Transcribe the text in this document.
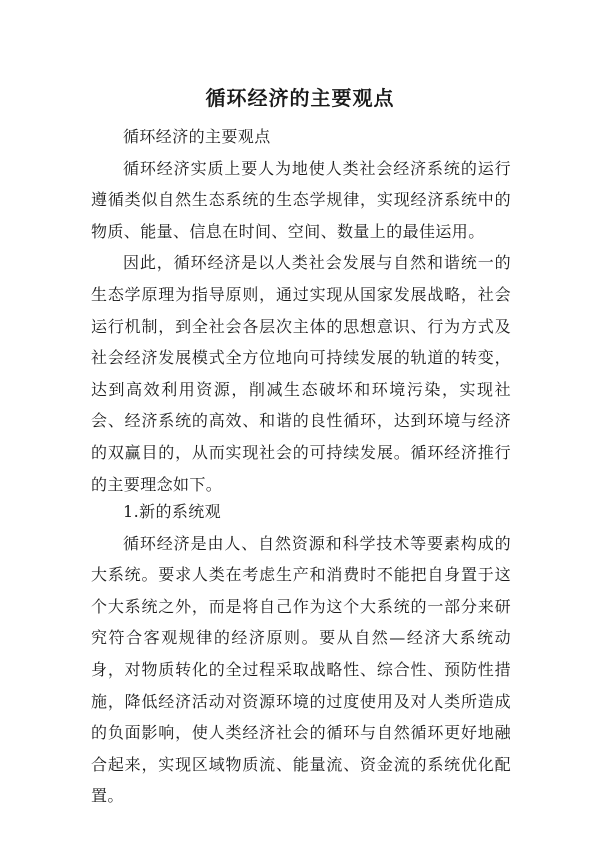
循环经济的主要观点

循环经济的主要观点

循环经济实质上要人为地使人类社会经济系统的运行遵循类似自然生态系统的生态学规律，实现经济系统中的物质、能量、信息在时间、空间、数量上的最佳运用。

因此，循环经济是以人类社会发展与自然和谐统一的生态学原理为指导原则，通过实现从国家发展战略，社会运行机制，到全社会各层次主体的思想意识、行为方式及社会经济发展模式全方位地向可持续发展的轨道的转变，达到高效利用资源，削减生态破坏和环境污染，实现社会、经济系统的高效、和谐的良性循环，达到环境与经济的双赢目的，从而实现社会的可持续发展。循环经济推行的主要理念如下。

1.新的系统观

循环经济是由人、自然资源和科学技术等要素构成的大系统。要求人类在考虑生产和消费时不能把自身置于这个大系统之外，而是将自己作为这个大系统的一部分来研究符合客观规律的经济原则。要从自然—经济大系统动身，对物质转化的全过程采取战略性、综合性、预防性措施，降低经济活动对资源环境的过度使用及对人类所造成的负面影响，使人类经济社会的循环与自然循环更好地融合起来，实现区域物质流、能量流、资金流的系统优化配置。
